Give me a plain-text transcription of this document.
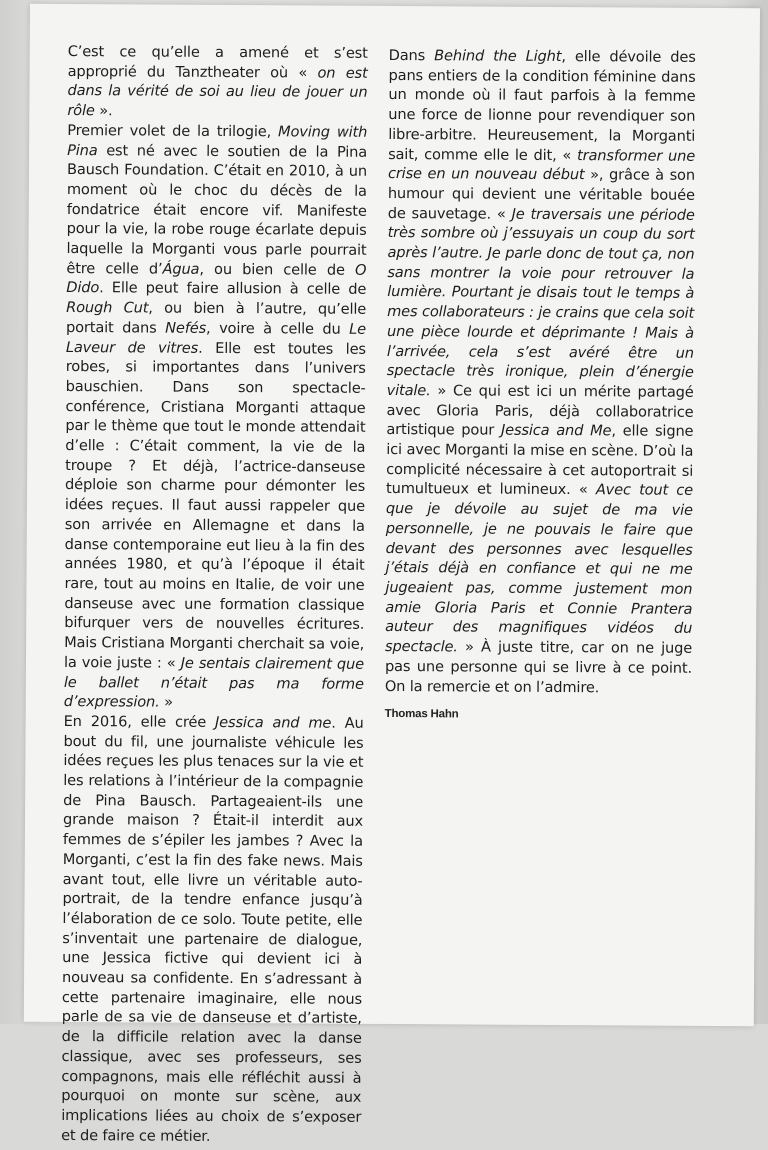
C’est ce qu’elle a amené et s’est approprié du Tanztheater où « on est dans la vérité de soi au lieu de jouer un rôle ».

Premier volet de la trilogie, Moving with Pina est né avec le soutien de la Pina Bausch Foundation. C’était en 2010, à un moment où le choc du décès de la fondatrice était encore vif. Manifeste pour la vie, la robe rouge écarlate depuis laquelle la Morganti vous parle pourrait être celle d’Água, ou bien celle de O Dido. Elle peut faire allusion à celle de Rough Cut, ou bien à l’autre, qu’elle portait dans Nefés, voire à celle du Le Laveur de vitres. Elle est toutes les robes, si importantes dans l’univers bauschien. Dans son spectacle-conférence, Cristiana Morganti attaque par le thème que tout le monde attendait d’elle : C’était comment, la vie de la troupe ? Et déjà, l’actrice-danseuse déploie son charme pour démonter les idées reçues. Il faut aussi rappeler que son arrivée en Allemagne et dans la danse contemporaine eut lieu à la fin des années 1980, et qu’à l’époque il était rare, tout au moins en Italie, de voir une danseuse avec une formation classique bifurquer vers de nouvelles écritures. Mais Cristiana Morganti cherchait sa voie, la voie juste : « Je sentais clairement que le ballet n’était pas ma forme d’expression. »

En 2016, elle crée Jessica and me. Au bout du fil, une journaliste véhicule les idées reçues les plus tenaces sur la vie et les relations à l’intérieur de la compagnie de Pina Bausch. Partageaient-ils une grande maison ? Était-il interdit aux femmes de s’épiler les jambes ? Avec la Morganti, c’est la fin des fake news. Mais avant tout, elle livre un véritable autoportrait, de la tendre enfance jusqu’à l’élaboration de ce solo. Toute petite, elle s’inventait une partenaire de dialogue, une Jessica fictive qui devient ici à nouveau sa confidente. En s’adressant à cette partenaire imaginaire, elle nous parle de sa vie de danseuse et d’artiste, de la difficile relation avec la danse classique, avec ses professeurs, ses compagnons, mais elle réfléchit aussi à pourquoi on monte sur scène, aux implications liées au choix de s’exposer et de faire ce métier.

Dans Behind the Light, elle dévoile des pans entiers de la condition féminine dans un monde où il faut parfois à la femme une force de lionne pour revendiquer son libre-arbitre. Heureusement, la Morganti sait, comme elle le dit, « transformer une crise en un nouveau début », grâce à son humour qui devient une véritable bouée de sauvetage. « Je traversais une période très sombre où j’essuyais un coup du sort après l’autre. Je parle donc de tout ça, non sans montrer la voie pour retrouver la lumière. Pourtant je disais tout le temps à mes collaborateurs : je crains que cela soit une pièce lourde et déprimante ! Mais à l’arrivée, cela s’est avéré être un spectacle très ironique, plein d’énergie vitale. » Ce qui est ici un mérite partagé avec Gloria Paris, déjà collaboratrice artistique pour Jessica and Me, elle signe ici avec Morganti la mise en scène. D’où la complicité nécessaire à cet autoportrait si tumultueux et lumineux. « Avec tout ce que je dévoile au sujet de ma vie personnelle, je ne pouvais le faire que devant des personnes avec lesquelles j’étais déjà en confiance et qui ne me jugeaient pas, comme justement mon amie Gloria Paris et Connie Prantera auteur des magnifiques vidéos du spectacle. » À juste titre, car on ne juge pas une personne qui se livre à ce point. On la remercie et on l’admire.

Thomas Hahn
